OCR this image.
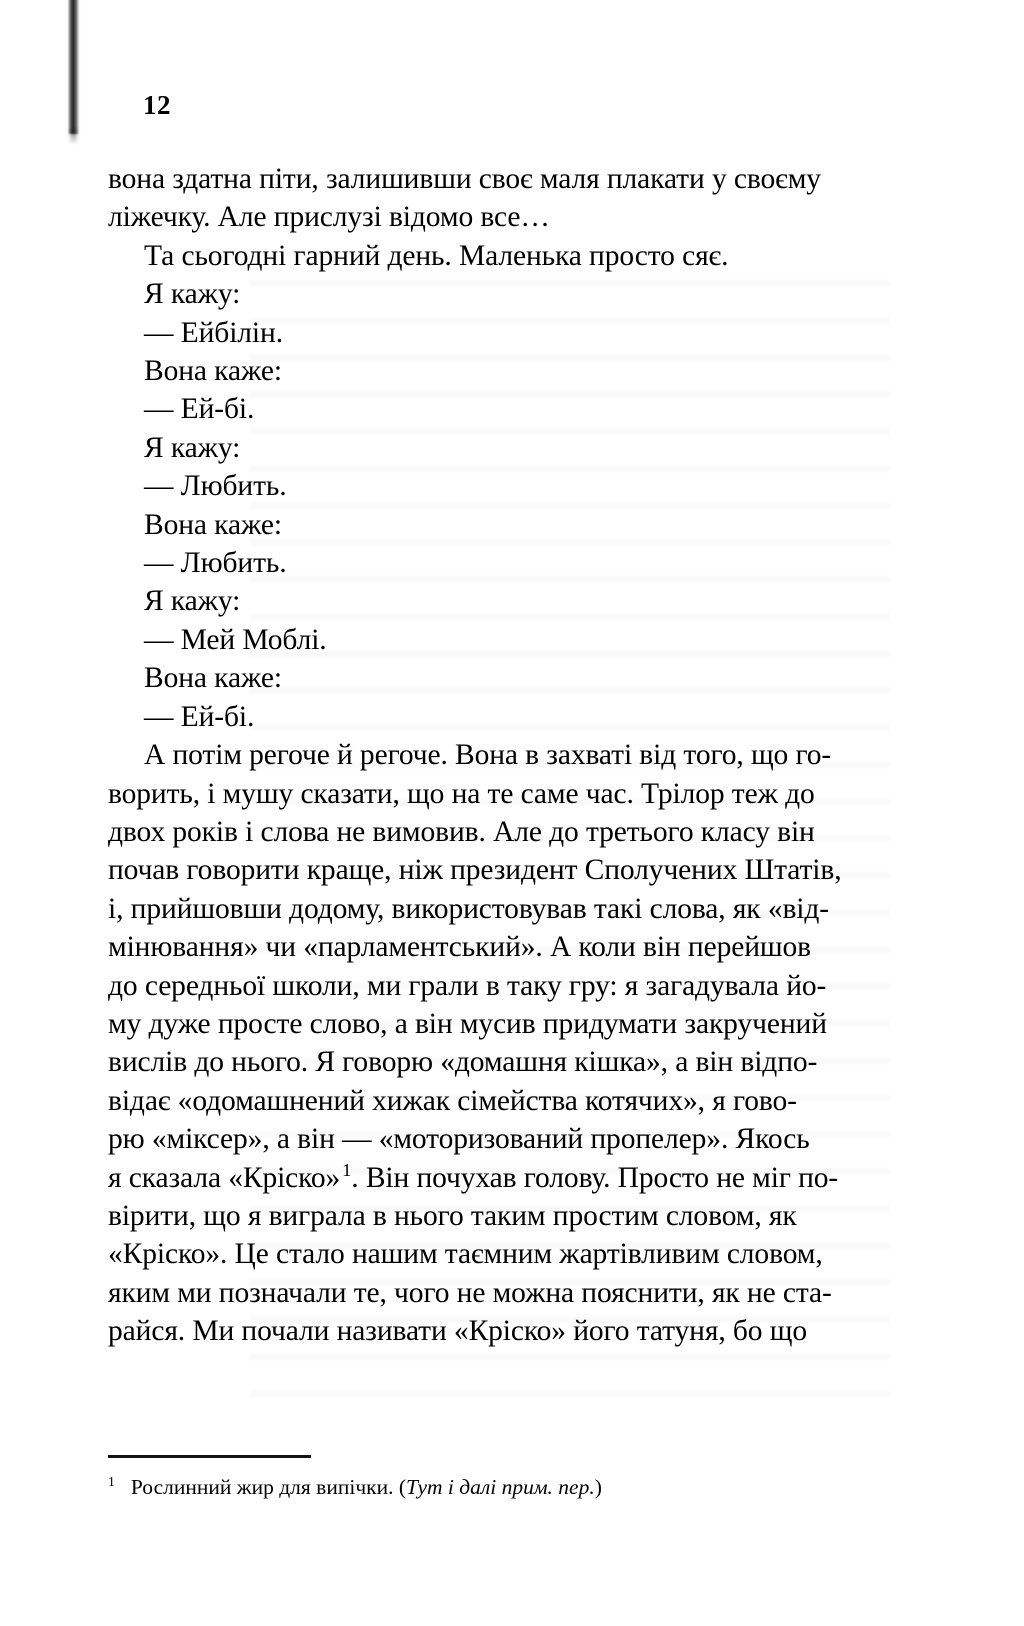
12
вона здатна піти, залишивши своє маля плакати у своєму
ліжечку. Але прислузі відомо все…
Та сьогодні гарний день. Маленька просто сяє.
Я кажу:
— Ейбілін.
Вона каже:
— Ей-бі.
Я кажу:
— Любить.
Вона каже:
— Любить.
Я кажу:
— Мей Моблі.
Вона каже:
— Ей-бі.
А потім регоче й регоче. Вона в захваті від того, що го-
ворить, і мушу сказати, що на те саме час. Трілор теж до
двох років і слова не вимовив. Але до третього класу він
почав говорити краще, ніж президент Сполучених Штатів,
і, прийшовши додому, використовував такі слова, як «від-
мінювання» чи «парламентський». А коли він перейшов
до середньої школи, ми грали в таку гру: я загадувала йо-
му дуже просте слово, а він мусив придумати закручений
вислів до нього. Я говорю «домашня кішка», а він відпо-
відає «одомашнений хижак сімейства котячих», я гово-
рю «міксер», а він — «моторизований пропелер». Якось
я сказала «Кріско» $^1$. Він почухав голову. Просто не міг по-
вірити, що я виграла в нього таким простим словом, як
«Кріско». Це стало нашим таємним жартівливим словом,
яким ми позначали те, чого не можна пояснити, як не ста-
райся. Ми почали називати «Кріско» його татуня, бо що
$^1$ Рослинний жир для випічки. (Тут і далі прим. пер.)
